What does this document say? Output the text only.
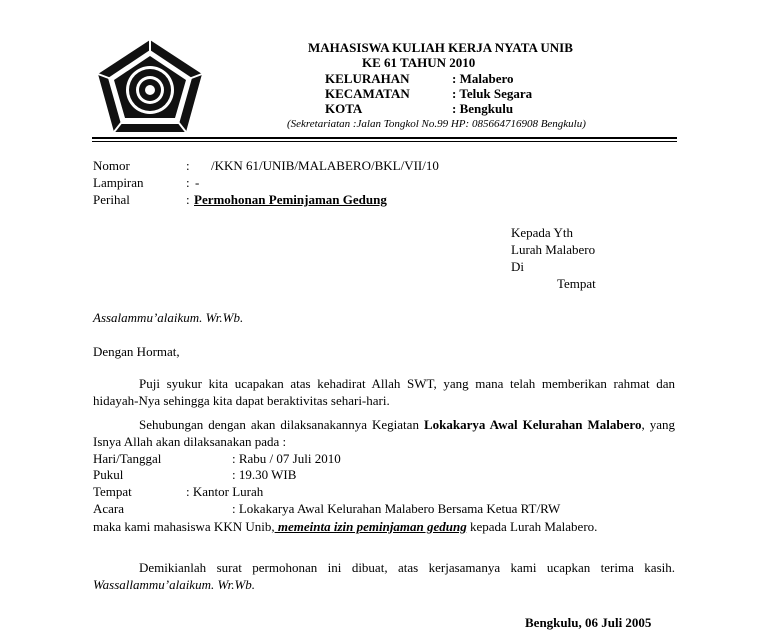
MAHASISWA KULIAH KERJA NYATA UNIB
KE 61 TAHUN 2010
KELURAHAN	: Malabero
KECAMATAN	: Teluk Segara
KOTA	: Bengkulu
(Sekretariatan :Jalan Tongkol No.99 HP: 085664716908 Bengkulu)
Nomor	: /KKN 61/UNIB/MALABERO/BKL/VII/10
Lampiran	: -
Perihal	: Permohonan Peminjaman Gedung
Kepada Yth
Lurah Malabero
Di
Tempat
Assalammu’alaikum. Wr.Wb.
Dengan Hormat,
Puji syukur kita ucapakan atas kehadirat Allah SWT, yang mana telah memberikan rahmat dan hidayah-Nya sehingga kita dapat beraktivitas sehari-hari.
Sehubungan dengan akan dilaksanakannya Kegiatan Lokakarya Awal Kelurahan Malabero, yang Isnya Allah akan dilaksanakan pada :
Hari/Tanggal	: Rabu / 07 Juli 2010
Pukul	: 19.30 WIB
Tempat	: Kantor Lurah
Acara	: Lokakarya Awal Kelurahan Malabero Bersama Ketua RT/RW
maka kami mahasiswa KKN Unib, memeinta izin peminjaman gedung kepada Lurah Malabero.
Demikianlah surat permohonan ini dibuat, atas kerjasamanya kami ucapkan terima kasih. Wassallammu’alaikum. Wr.Wb.
Bengkulu, 06 Juli 2005
